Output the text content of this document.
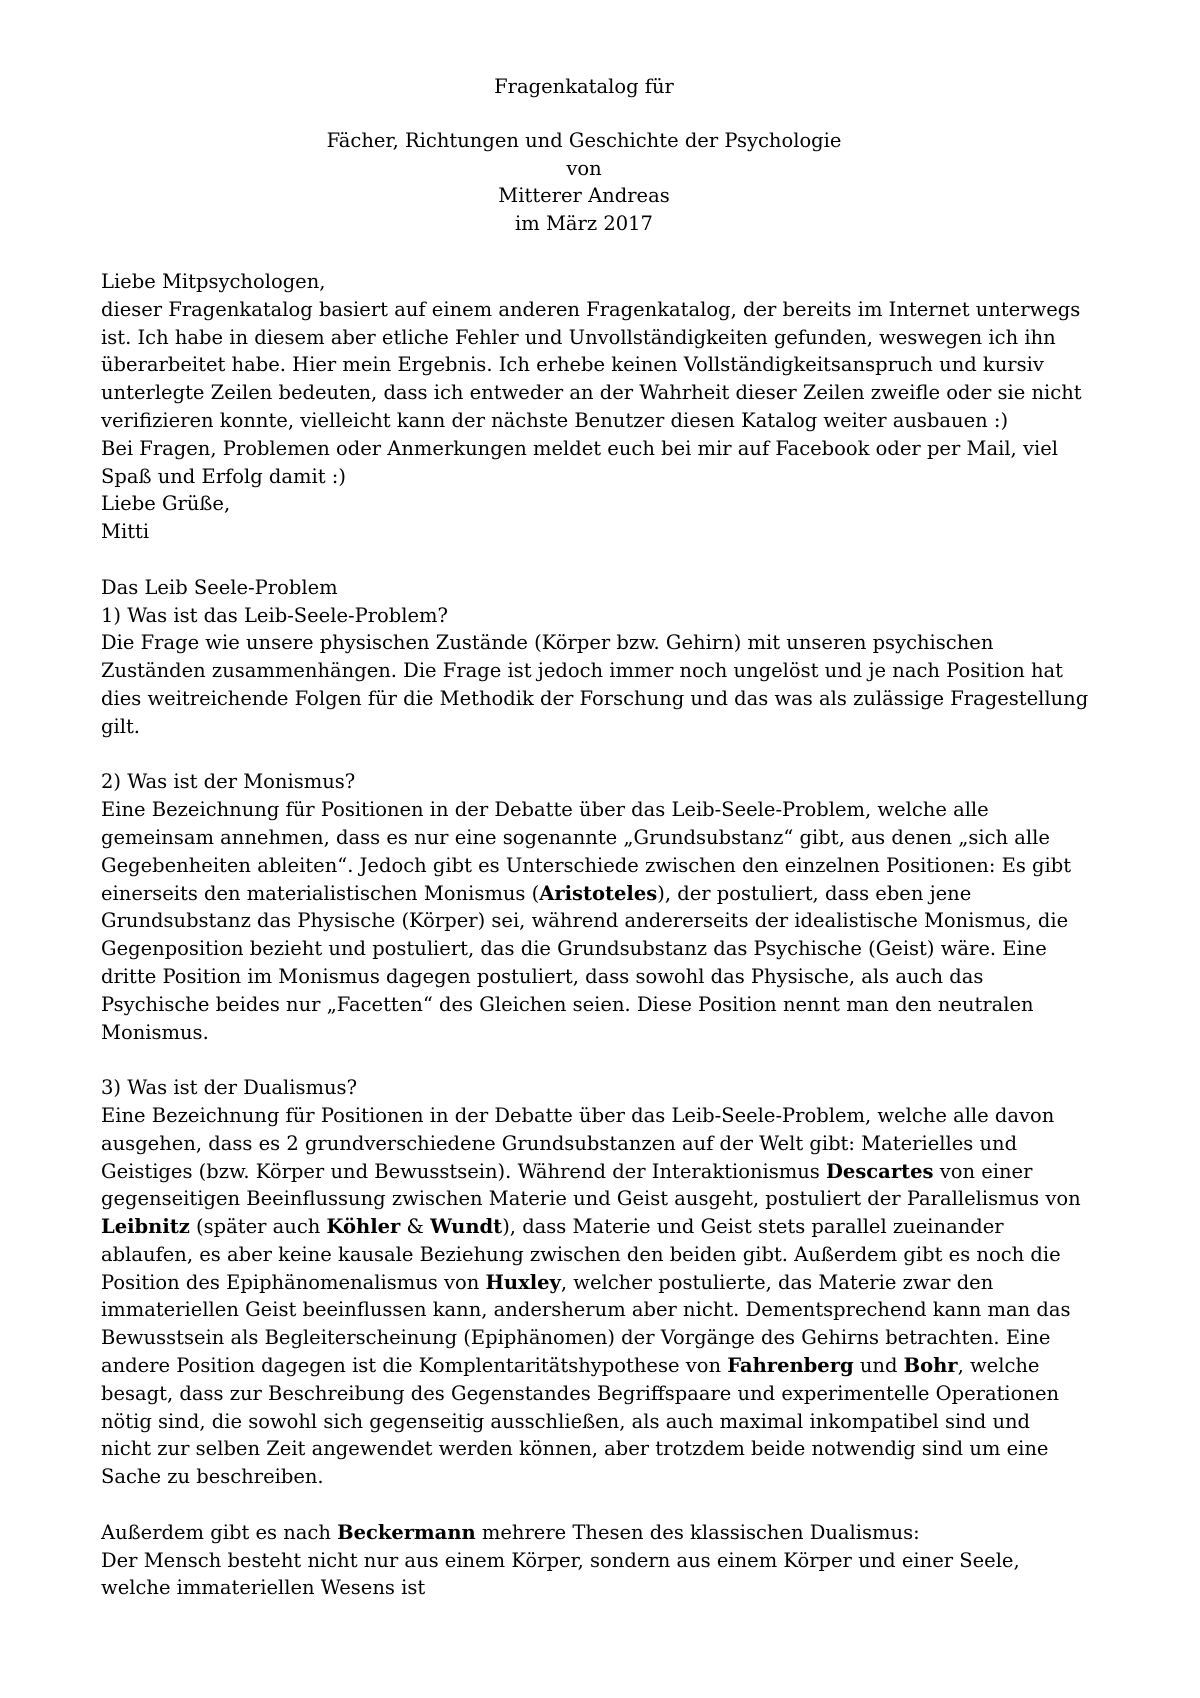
Fragenkatalog für
Fächer, Richtungen und Geschichte der Psychologie
von
Mitterer Andreas
im März 2017
Liebe Mitpsychologen,
dieser Fragenkatalog basiert auf einem anderen Fragenkatalog, der bereits im Internet unterwegs
ist. Ich habe in diesem aber etliche Fehler und Unvollständigkeiten gefunden, weswegen ich ihn
überarbeitet habe. Hier mein Ergebnis. Ich erhebe keinen Vollständigkeitsanspruch und kursiv
unterlegte Zeilen bedeuten, dass ich entweder an der Wahrheit dieser Zeilen zweifle oder sie nicht
verifizieren konnte, vielleicht kann der nächste Benutzer diesen Katalog weiter ausbauen :)
Bei Fragen, Problemen oder Anmerkungen meldet euch bei mir auf Facebook oder per Mail, viel
Spaß und Erfolg damit :)
Liebe Grüße,
Mitti
Das Leib Seele-Problem
1) Was ist das Leib-Seele-Problem?
Die Frage wie unsere physischen Zustände (Körper bzw. Gehirn) mit unseren psychischen
Zuständen zusammenhängen. Die Frage ist jedoch immer noch ungelöst und je nach Position hat
dies weitreichende Folgen für die Methodik der Forschung und das was als zulässige Fragestellung
gilt.
2) Was ist der Monismus?
Eine Bezeichnung für Positionen in der Debatte über das Leib-Seele-Problem, welche alle
gemeinsam annehmen, dass es nur eine sogenannte „Grundsubstanz“ gibt, aus denen „sich alle
Gegebenheiten ableiten“. Jedoch gibt es Unterschiede zwischen den einzelnen Positionen: Es gibt
einerseits den materialistischen Monismus (Aristoteles), der postuliert, dass eben jene
Grundsubstanz das Physische (Körper) sei, während andererseits der idealistische Monismus, die
Gegenposition bezieht und postuliert, das die Grundsubstanz das Psychische (Geist) wäre. Eine
dritte Position im Monismus dagegen postuliert, dass sowohl das Physische, als auch das
Psychische beides nur „Facetten“ des Gleichen seien. Diese Position nennt man den neutralen
Monismus.
3) Was ist der Dualismus?
Eine Bezeichnung für Positionen in der Debatte über das Leib-Seele-Problem, welche alle davon
ausgehen, dass es 2 grundverschiedene Grundsubstanzen auf der Welt gibt: Materielles und
Geistiges (bzw. Körper und Bewusstsein). Während der Interaktionismus Descartes von einer
gegenseitigen Beeinflussung zwischen Materie und Geist ausgeht, postuliert der Parallelismus von
Leibnitz (später auch Köhler & Wundt), dass Materie und Geist stets parallel zueinander
ablaufen, es aber keine kausale Beziehung zwischen den beiden gibt. Außerdem gibt es noch die
Position des Epiphänomenalismus von Huxley, welcher postulierte, das Materie zwar den
immateriellen Geist beeinflussen kann, andersherum aber nicht. Dementsprechend kann man das
Bewusstsein als Begleiterscheinung (Epiphänomen) der Vorgänge des Gehirns betrachten. Eine
andere Position dagegen ist die Komplentaritätshypothese von Fahrenberg und Bohr, welche
besagt, dass zur Beschreibung des Gegenstandes Begriffspaare und experimentelle Operationen
nötig sind, die sowohl sich gegenseitig ausschließen, als auch maximal inkompatibel sind und
nicht zur selben Zeit angewendet werden können, aber trotzdem beide notwendig sind um eine
Sache zu beschreiben.
Außerdem gibt es nach Beckermann mehrere Thesen des klassischen Dualismus:
Der Mensch besteht nicht nur aus einem Körper, sondern aus einem Körper und einer Seele,
welche immateriellen Wesens ist
